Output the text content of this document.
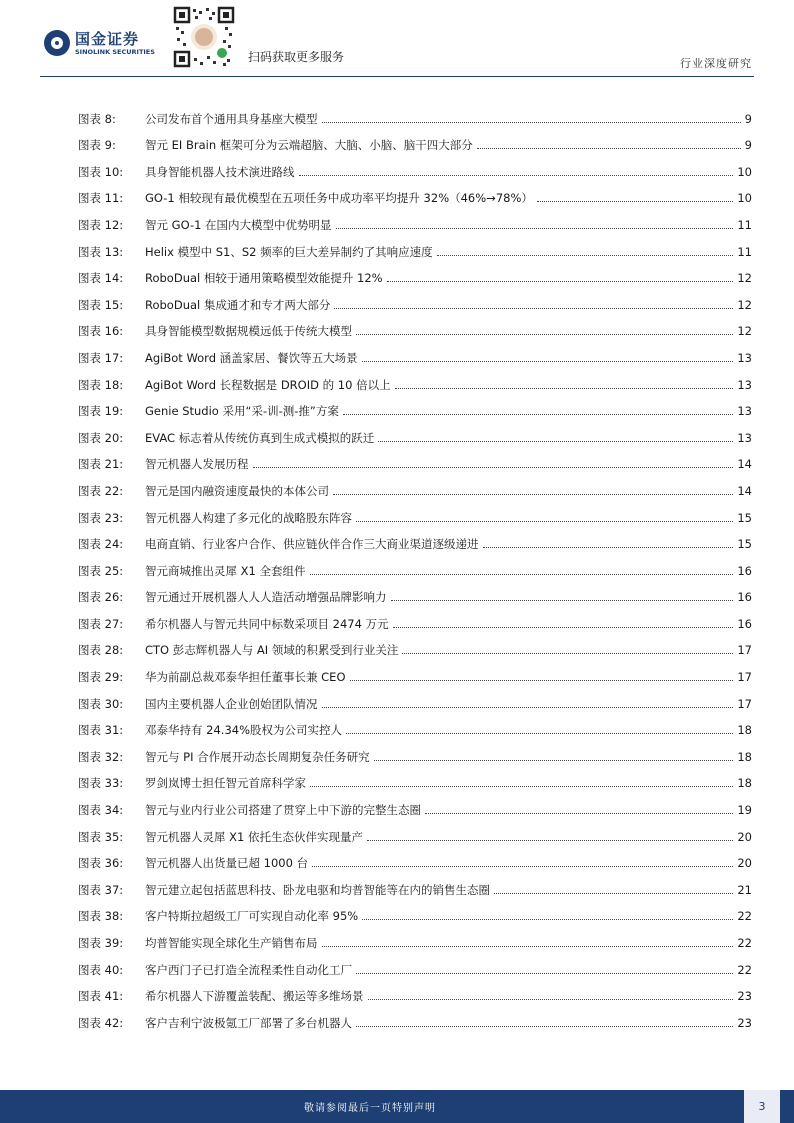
国金证券
SINOLINK SECURITIES	扫码获取更多服务	行业深度研究
图表 8:	公司发布首个通用具身基座大模型	9
图表 9:	智元 EI Brain 框架可分为云端超脑、大脑、小脑、脑干四大部分	9
图表 10:	具身智能机器人技术演进路线	10
图表 11:	GO-1 相较现有最优模型在五项任务中成功率平均提升 32%（46%→78%）	10
图表 12:	智元 GO-1 在国内大模型中优势明显	11
图表 13:	Helix 模型中 S1、S2 频率的巨大差异制约了其响应速度	11
图表 14:	RoboDual 相较于通用策略模型效能提升 12%	12
图表 15:	RoboDual 集成通才和专才两大部分	12
图表 16:	具身智能模型数据规模远低于传统大模型	12
图表 17:	AgiBot Word 涵盖家居、餐饮等五大场景	13
图表 18:	AgiBot Word 长程数据是 DROID 的 10 倍以上	13
图表 19:	Genie Studio 采用“采-训-测-推”方案	13
图表 20:	EVAC 标志着从传统仿真到生成式模拟的跃迁	13
图表 21:	智元机器人发展历程	14
图表 22:	智元是国内融资速度最快的本体公司	14
图表 23:	智元机器人构建了多元化的战略股东阵容	15
图表 24:	电商直销、行业客户合作、供应链伙伴合作三大商业渠道逐级递进	15
图表 25:	智元商城推出灵犀 X1 全套组件	16
图表 26:	智元通过开展机器人人人造活动增强品牌影响力	16
图表 27:	希尔机器人与智元共同中标数采项目 2474 万元	16
图表 28:	CTO 彭志辉机器人与 AI 领域的积累受到行业关注	17
图表 29:	华为前副总裁邓泰华担任董事长兼 CEO	17
图表 30:	国内主要机器人企业创始团队情况	17
图表 31:	邓泰华持有 24.34%股权为公司实控人	18
图表 32:	智元与 PI 合作展开动态长周期复杂任务研究	18
图表 33:	罗剑岚博士担任智元首席科学家	18
图表 34:	智元与业内行业公司搭建了贯穿上中下游的完整生态圈	19
图表 35:	智元机器人灵犀 X1 依托生态伙伴实现量产	20
图表 36:	智元机器人出货量已超 1000 台	20
图表 37:	智元建立起包括蓝思科技、卧龙电驱和均普智能等在内的销售生态圈	21
图表 38:	客户特斯拉超级工厂可实现自动化率 95%	22
图表 39:	均普智能实现全球化生产销售布局	22
图表 40:	客户西门子已打造全流程柔性自动化工厂	22
图表 41:	希尔机器人下游覆盖装配、搬运等多维场景	23
图表 42:	客户吉利宁波极氪工厂部署了多台机器人	23
敬请参阅最后一页特别声明	3
